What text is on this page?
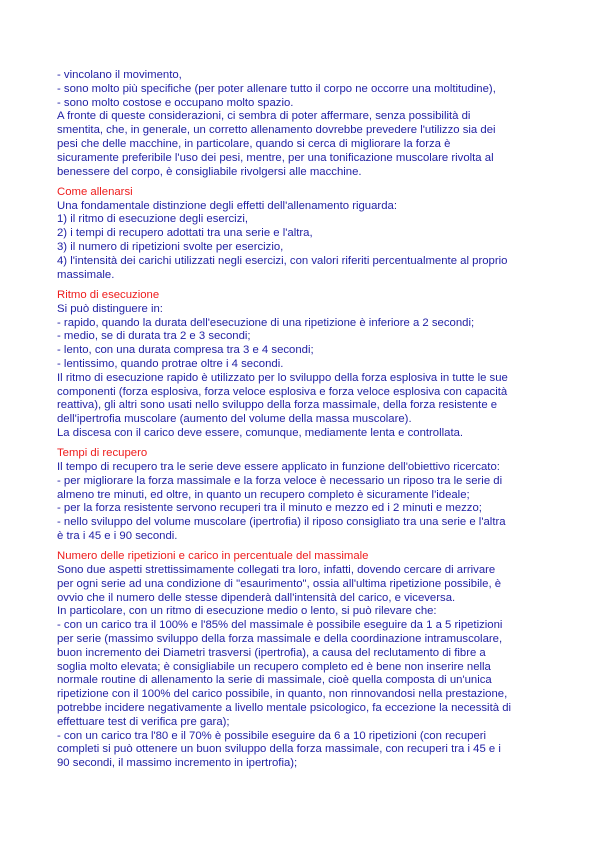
- vincolano il movimento,
- sono molto più specifiche (per poter allenare tutto il corpo ne occorre una moltitudine),
- sono molto costose e occupano molto spazio.
A fronte di queste considerazioni, ci sembra di poter affermare, senza possibilità di
smentita, che, in generale, un corretto allenamento dovrebbe prevedere l'utilizzo sia dei
pesi che delle macchine, in particolare, quando si cerca di migliorare la forza è
sicuramente preferibile l'uso dei pesi, mentre, per una tonificazione muscolare rivolta al
benessere del corpo, è consigliabile rivolgersi alle macchine.
Come allenarsi
Una fondamentale distinzione degli effetti dell'allenamento riguarda:
1) il ritmo di esecuzione degli esercizi,
2) i tempi di recupero adottati tra una serie e l'altra,
3) il numero di ripetizioni svolte per esercizio,
4) l'intensità dei carichi utilizzati negli esercizi, con valori riferiti percentualmente al proprio
massimale.
Ritmo di esecuzione
Si può distinguere in:
- rapido, quando la durata dell'esecuzione di una ripetizione è inferiore a 2 secondi;
- medio, se di durata tra 2 e 3 secondi;
- lento, con una durata compresa tra 3 e 4 secondi;
- lentissimo, quando protrae oltre i 4 secondi.
Il ritmo di esecuzione rapido è utilizzato per lo sviluppo della forza esplosiva in tutte le sue
componenti (forza esplosiva, forza veloce esplosiva e forza veloce esplosiva con capacità
reattiva), gli altri sono usati nello sviluppo della forza massimale, della forza resistente e
dell'ipertrofia muscolare (aumento del volume della massa muscolare).
La discesa con il carico deve essere, comunque, mediamente lenta e controllata.
Tempi di recupero
Il tempo di recupero tra le serie deve essere applicato in funzione dell'obiettivo ricercato:
- per migliorare la forza massimale e la forza veloce è necessario un riposo tra le serie di
almeno tre minuti, ed oltre, in quanto un recupero completo è sicuramente l'ideale;
- per la forza resistente servono recuperi tra il minuto e mezzo ed i 2 minuti e mezzo;
- nello sviluppo del volume muscolare (ipertrofia) il riposo consigliato tra una serie e l'altra
è tra i 45 e i 90 secondi.
Numero delle ripetizioni e carico in percentuale del massimale
Sono due aspetti strettissimamente collegati tra loro, infatti, dovendo cercare di arrivare
per ogni serie ad una condizione di "esaurimento", ossia all'ultima ripetizione possibile, è
ovvio che il numero delle stesse dipenderà dall'intensità del carico, e viceversa.
In particolare, con un ritmo di esecuzione medio o lento, si può rilevare che:
- con un carico tra il 100% e l'85% del massimale è possibile eseguire da 1 a 5 ripetizioni
per serie (massimo sviluppo della forza massimale e della coordinazione intramuscolare,
buon incremento dei Diametri trasversi (ipertrofia), a causa del reclutamento di fibre a
soglia molto elevata; è consigliabile un recupero completo ed è bene non inserire nella
normale routine di allenamento la serie di massimale, cioè quella composta di un'unica
ripetizione con il 100% del carico possibile, in quanto, non rinnovandosi nella prestazione,
potrebbe incidere negativamente a livello mentale psicologico, fa eccezione la necessità di
effettuare test di verifica pre gara);
- con un carico tra l'80 e il 70% è possibile eseguire da 6 a 10 ripetizioni (con recuperi
completi si può ottenere un buon sviluppo della forza massimale, con recuperi tra i 45 e i
90 secondi, il massimo incremento in ipertrofia);
